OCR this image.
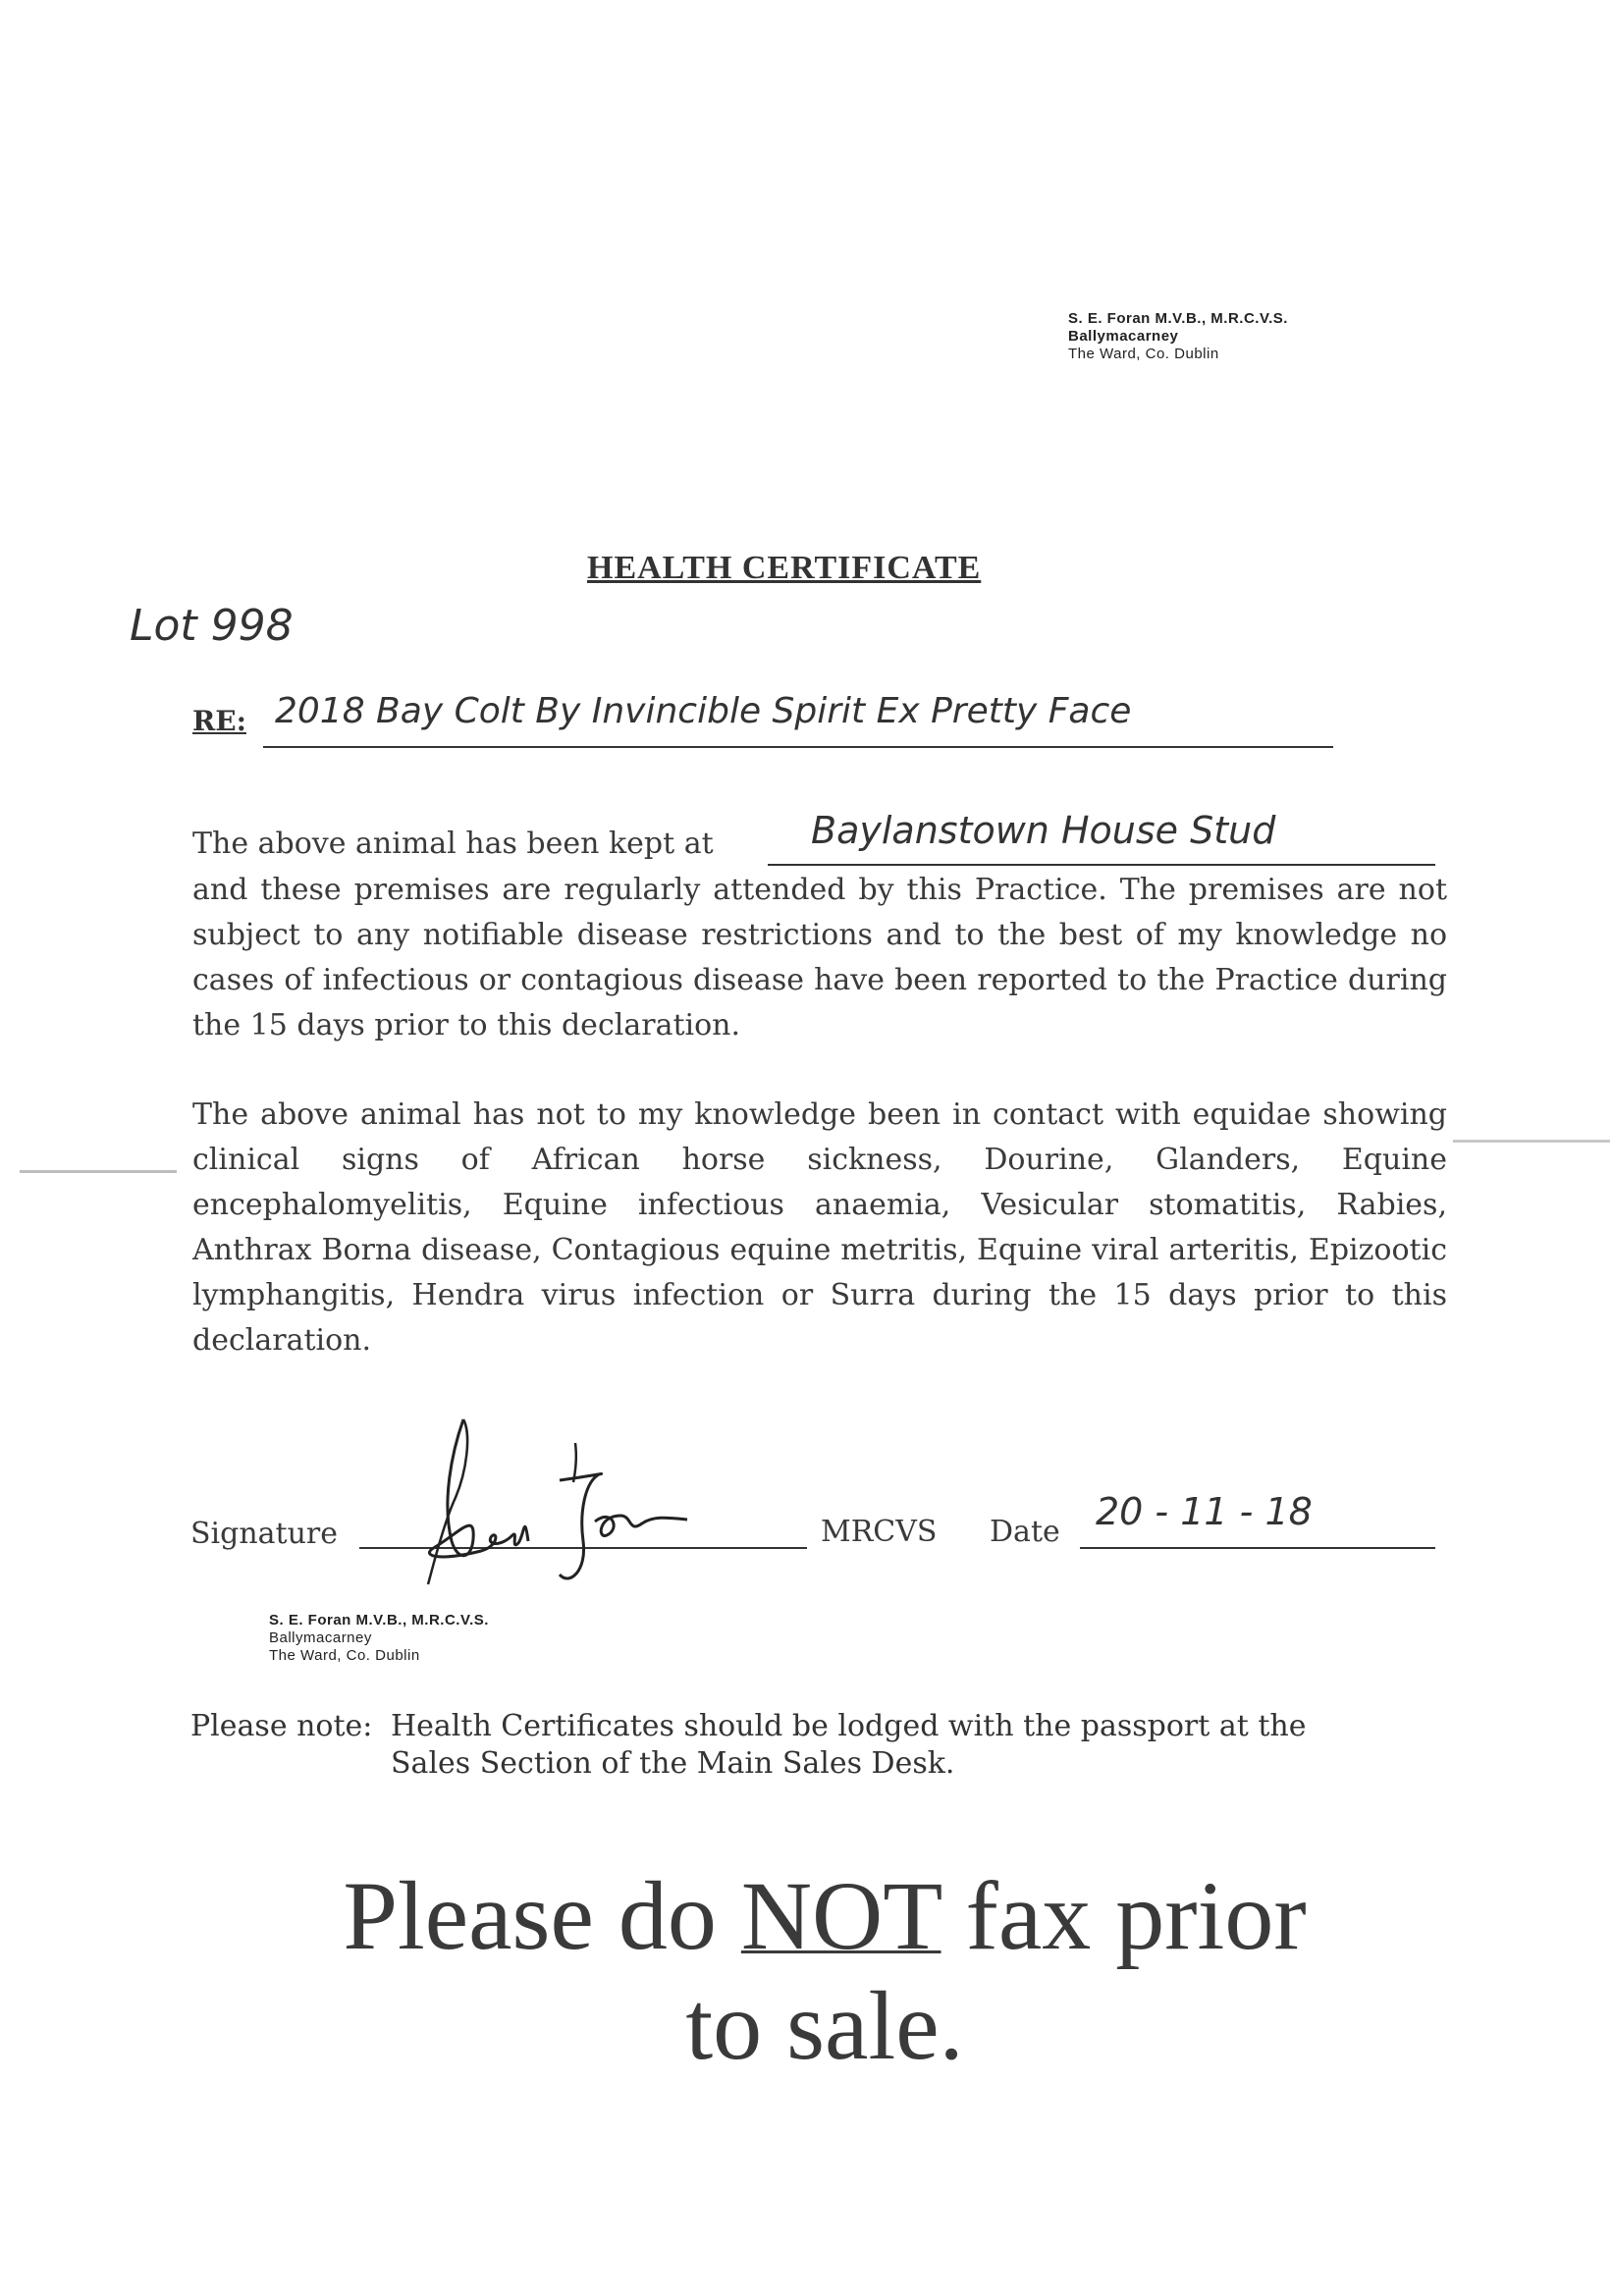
S. E. Foran M.V.B., M.R.C.V.S.
Ballymacarney
The Ward, Co. Dublin
HEALTH CERTIFICATE
Lot 998
RE: 2018 Bay Colt By Invincible Spirit Ex Pretty Face
The above animal has been kept at	Baylanstown House Stud
and these premises are regularly attended by this Practice. The premises are not subject to any notifiable disease restrictions and to the best of my knowledge no cases of infectious or contagious disease have been reported to the Practice during the 15 days prior to this declaration.
The above animal has not to my knowledge been in contact with equidae showing clinical signs of African horse sickness, Dourine, Glanders, Equine encephalomyelitis, Equine infectious anaemia, Vesicular stomatitis, Rabies, Anthrax Borna disease, Contagious equine metritis, Equine viral arteritis, Epizootic lymphangitis, Hendra virus infection or Surra during the 15 days prior to this declaration.
Signature	MRCVS Date 20 - 11 - 18
S. E. Foran M.V.B., M.R.C.V.S.
Ballymacarney
The Ward, Co. Dublin
Please note: Health Certificates should be lodged with the passport at the
Sales Section of the Main Sales Desk.
Please do NOT fax prior
to sale.
